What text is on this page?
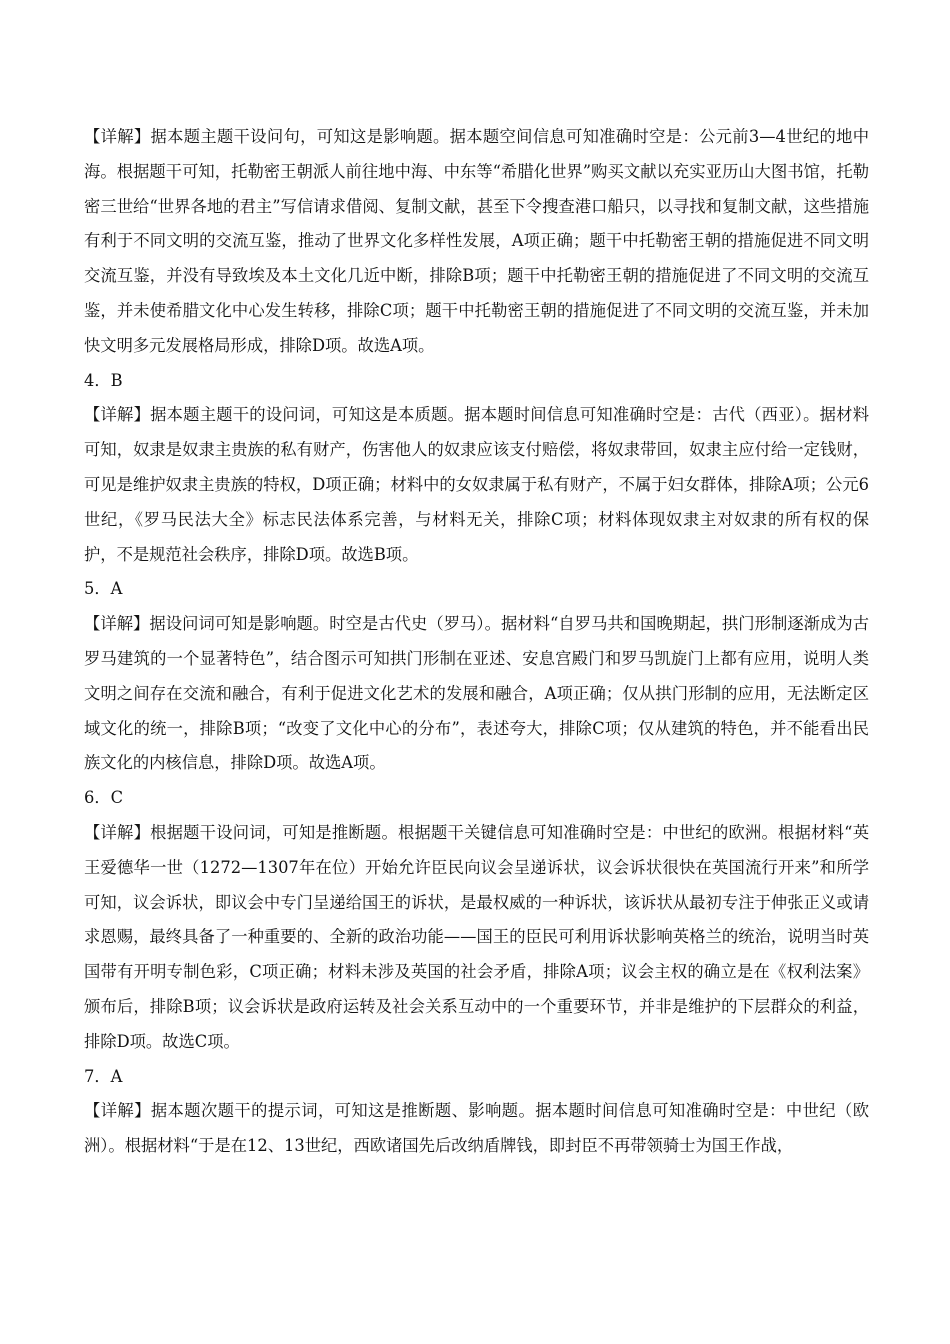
【详解】据本题主题干设问句，可知这是影响题。据本题空间信息可知准确时空是：公元前3—4世纪的地中海。根据题干可知，托勒密王朝派人前往地中海、中东等“希腊化世界”购买文献以充实亚历山大图书馆，托勒密三世给“世界各地的君主”写信请求借阅、复制文献，甚至下令搜查港口船只，以寻找和复制文献，这些措施有利于不同文明的交流互鉴，推动了世界文化多样性发展，A项正确；题干中托勒密王朝的措施促进不同文明交流互鉴，并没有导致埃及本土文化几近中断，排除B项；题干中托勒密王朝的措施促进了不同文明的交流互鉴，并未使希腊文化中心发生转移，排除C项；题干中托勒密王朝的措施促进了不同文明的交流互鉴，并未加快文明多元发展格局形成，排除D项。故选A项。

4．B

【详解】据本题主题干的设问词，可知这是本质题。据本题时间信息可知准确时空是：古代（西亚）。据材料可知，奴隶是奴隶主贵族的私有财产，伤害他人的奴隶应该支付赔偿，将奴隶带回，奴隶主应付给一定钱财，可见是维护奴隶主贵族的特权，D项正确；材料中的女奴隶属于私有财产，不属于妇女群体，排除A项；公元6世纪，《罗马民法大全》标志民法体系完善，与材料无关，排除C项；材料体现奴隶主对奴隶的所有权的保护，不是规范社会秩序，排除D项。故选B项。

5．A

【详解】据设问词可知是影响题。时空是古代史（罗马）。据材料“自罗马共和国晚期起，拱门形制逐渐成为古罗马建筑的一个显著特色”，结合图示可知拱门形制在亚述、安息宫殿门和罗马凯旋门上都有应用，说明人类文明之间存在交流和融合，有利于促进文化艺术的发展和融合，A项正确；仅从拱门形制的应用，无法断定区域文化的统一，排除B项；“改变了文化中心的分布”，表述夸大，排除C项；仅从建筑的特色，并不能看出民族文化的内核信息，排除D项。故选A项。

6．C

【详解】根据题干设问词，可知是推断题。根据题干关键信息可知准确时空是：中世纪的欧洲。根据材料“英王爱德华一世（1272—1307年在位）开始允许臣民向议会呈递诉状，议会诉状很快在英国流行开来”和所学可知，议会诉状，即议会中专门呈递给国王的诉状，是最权威的一种诉状，该诉状从最初专注于伸张正义或请求恩赐，最终具备了一种重要的、全新的政治功能——国王的臣民可利用诉状影响英格兰的统治，说明当时英国带有开明专制色彩，C项正确；材料未涉及英国的社会矛盾，排除A项；议会主权的确立是在《权利法案》颁布后，排除B项；议会诉状是政府运转及社会关系互动中的一个重要环节，并非是维护的下层群众的利益，排除D项。故选C项。

7．A

【详解】据本题次题干的提示词，可知这是推断题、影响题。据本题时间信息可知准确时空是：中世纪（欧洲）。根据材料“于是在12、13世纪，西欧诸国先后改纳盾牌钱，即封臣不再带领骑士为国王作战，
